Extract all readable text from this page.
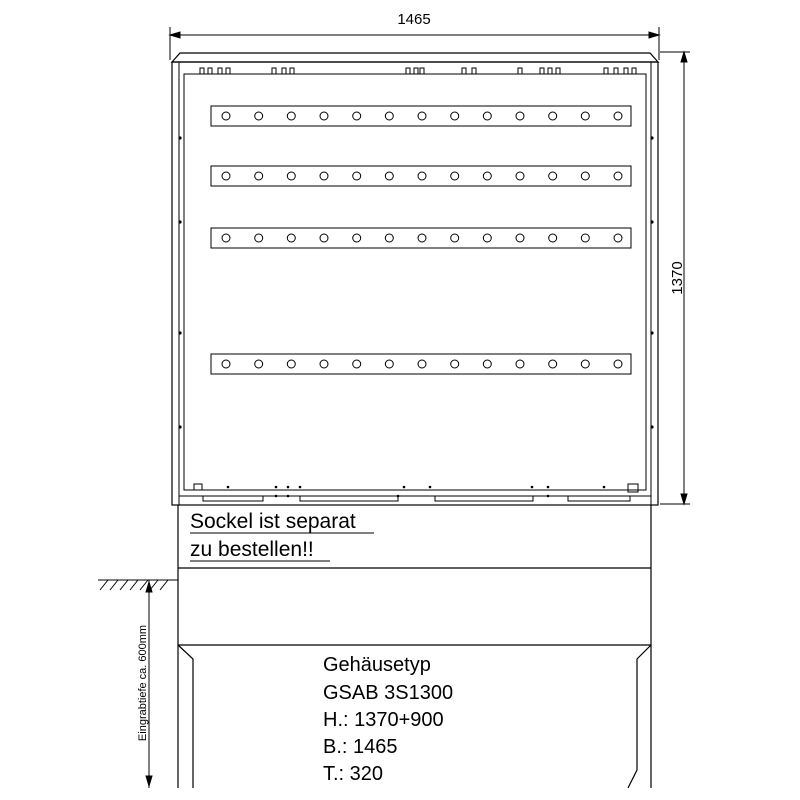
1465
1370
Sockel ist separat
zu bestellen!!
Eingrabtiefe ca. 600mm	Gehäusetyp
GSAB 3S1300
H.: 1370+900
B.: 1465
T.: 320
